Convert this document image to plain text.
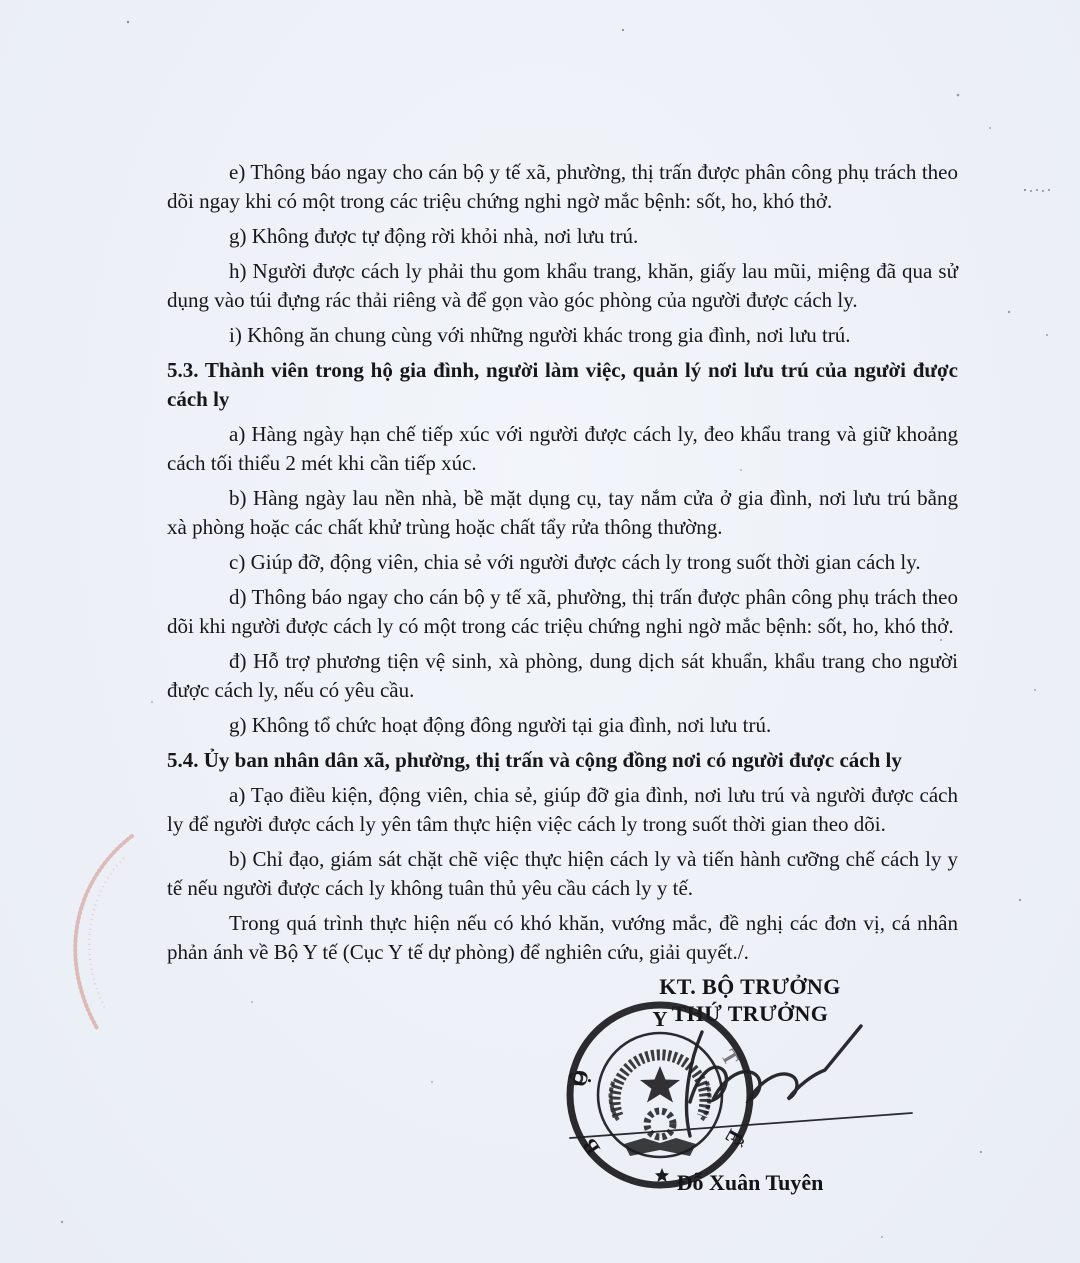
e) Thông báo ngay cho cán bộ y tế xã, phường, thị trấn được phân công phụ trách theo dõi ngay khi có một trong các triệu chứng nghi ngờ mắc bệnh: sốt, ho, khó thở.

g) Không được tự động rời khỏi nhà, nơi lưu trú.

h) Người được cách ly phải thu gom khẩu trang, khăn, giấy lau mũi, miệng đã qua sử dụng vào túi đựng rác thải riêng và để gọn vào góc phòng của người được cách ly.

i) Không ăn chung cùng với những người khác trong gia đình, nơi lưu trú.

5.3. Thành viên trong hộ gia đình, người làm việc, quản lý nơi lưu trú của người được cách ly

a) Hàng ngày hạn chế tiếp xúc với người được cách ly, đeo khẩu trang và giữ khoảng cách tối thiểu 2 mét khi cần tiếp xúc.

b) Hàng ngày lau nền nhà, bề mặt dụng cụ, tay nắm cửa ở gia đình, nơi lưu trú bằng xà phòng hoặc các chất khử trùng hoặc chất tẩy rửa thông thường.

c) Giúp đỡ, động viên, chia sẻ với người được cách ly trong suốt thời gian cách ly.

d) Thông báo ngay cho cán bộ y tế xã, phường, thị trấn được phân công phụ trách theo dõi khi người được cách ly có một trong các triệu chứng nghi ngờ mắc bệnh: sốt, ho, khó thở.

đ) Hỗ trợ phương tiện vệ sinh, xà phòng, dung dịch sát khuẩn, khẩu trang cho người được cách ly, nếu có yêu cầu.

g) Không tổ chức hoạt động đông người tại gia đình, nơi lưu trú.

5.4. Ủy ban nhân dân xã, phường, thị trấn và cộng đồng nơi có người được cách ly

a) Tạo điều kiện, động viên, chia sẻ, giúp đỡ gia đình, nơi lưu trú và người được cách ly để người được cách ly yên tâm thực hiện việc cách ly trong suốt thời gian theo dõi.

b) Chỉ đạo, giám sát chặt chẽ việc thực hiện cách ly và tiến hành cưỡng chế cách ly y tế nếu người được cách ly không tuân thủ yêu cầu cách ly y tế.

Trong quá trình thực hiện nếu có khó khăn, vướng mắc, đề nghị các đơn vị, cá nhân phản ánh về Bộ Y tế (Cục Y tế dự phòng) để nghiên cứu, giải quyết./.

KT. BỘ TRƯỞNG
THỨ TRƯỞNG
B
Ộ
Y
T
Ế
Đỗ Xuân Tuyên
